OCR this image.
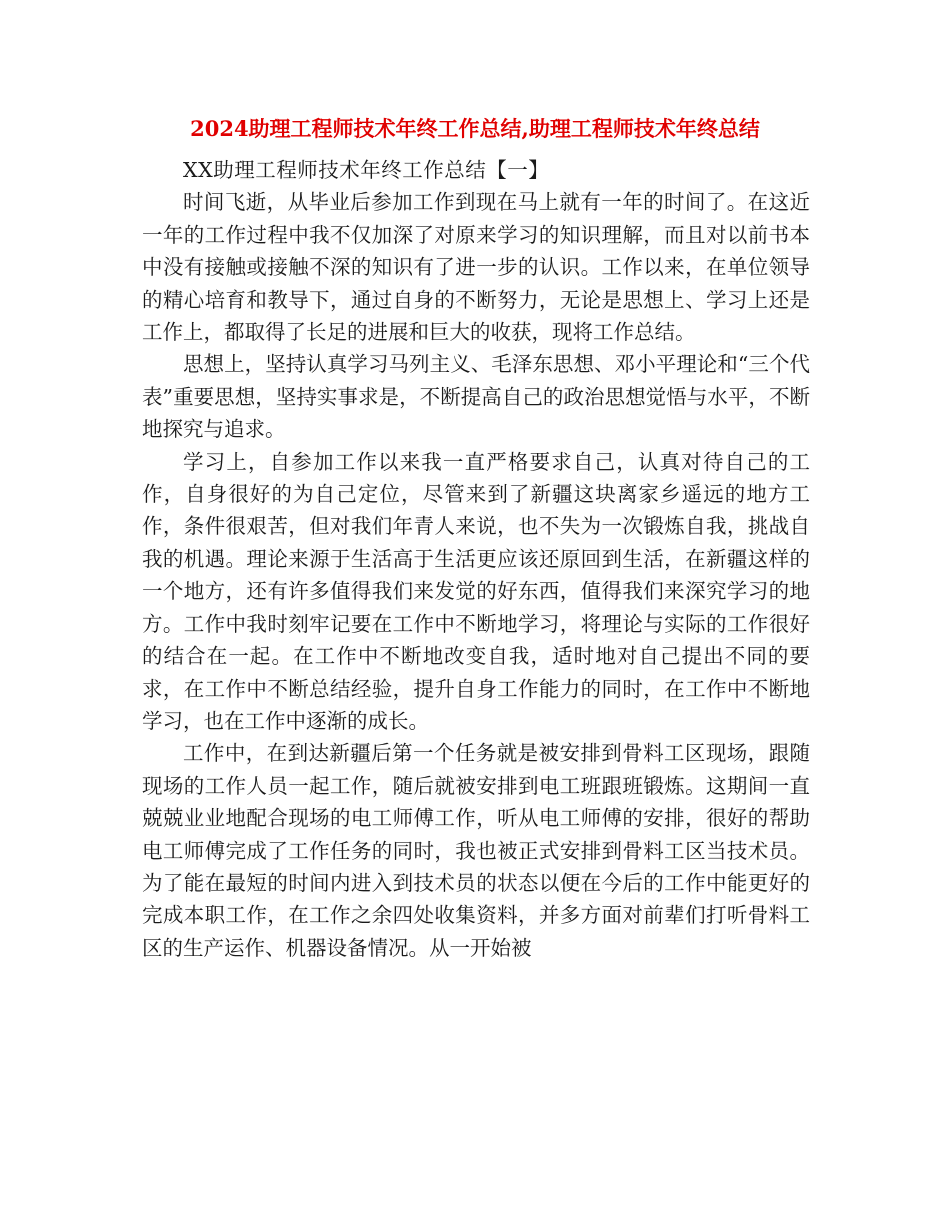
2024助理工程师技术年终工作总结,助理工程师技术年终总结

XX助理工程师技术年终工作总结【一】

时间飞逝，从毕业后参加工作到现在马上就有一年的时间了。在这近一年的工作过程中我不仅加深了对原来学习的知识理解，而且对以前书本中没有接触或接触不深的知识有了进一步的认识。工作以来，在单位领导的精心培育和教导下，通过自身的不断努力，无论是思想上、学习上还是工作上，都取得了长足的进展和巨大的收获，现将工作总结。

思想上，坚持认真学习马列主义、毛泽东思想、邓小平理论和“三个代表”重要思想，坚持实事求是，不断提高自己的政治思想觉悟与水平，不断地探究与追求。

学习上，自参加工作以来我一直严格要求自己，认真对待自己的工作，自身很好的为自己定位，尽管来到了新疆这块离家乡遥远的地方工作，条件很艰苦，但对我们年青人来说，也不失为一次锻炼自我，挑战自我的机遇。理论来源于生活高于生活更应该还原回到生活，在新疆这样的一个地方，还有许多值得我们来发觉的好东西，值得我们来深究学习的地方。工作中我时刻牢记要在工作中不断地学习，将理论与实际的工作很好的结合在一起。在工作中不断地改变自我，适时地对自己提出不同的要求，在工作中不断总结经验，提升自身工作能力的同时，在工作中不断地学习，也在工作中逐渐的成长。

工作中，在到达新疆后第一个任务就是被安排到骨料工区现场，跟随现场的工作人员一起工作，随后就被安排到电工班跟班锻炼。这期间一直兢兢业业地配合现场的电工师傅工作，听从电工师傅的安排，很好的帮助电工师傅完成了工作任务的同时，我也被正式安排到骨料工区当技术员。为了能在最短的时间内进入到技术员的状态以便在今后的工作中能更好的完成本职工作，在工作之余四处收集资料，并多方面对前辈们打听骨料工区的生产运作、机器设备情况。从一开始被
